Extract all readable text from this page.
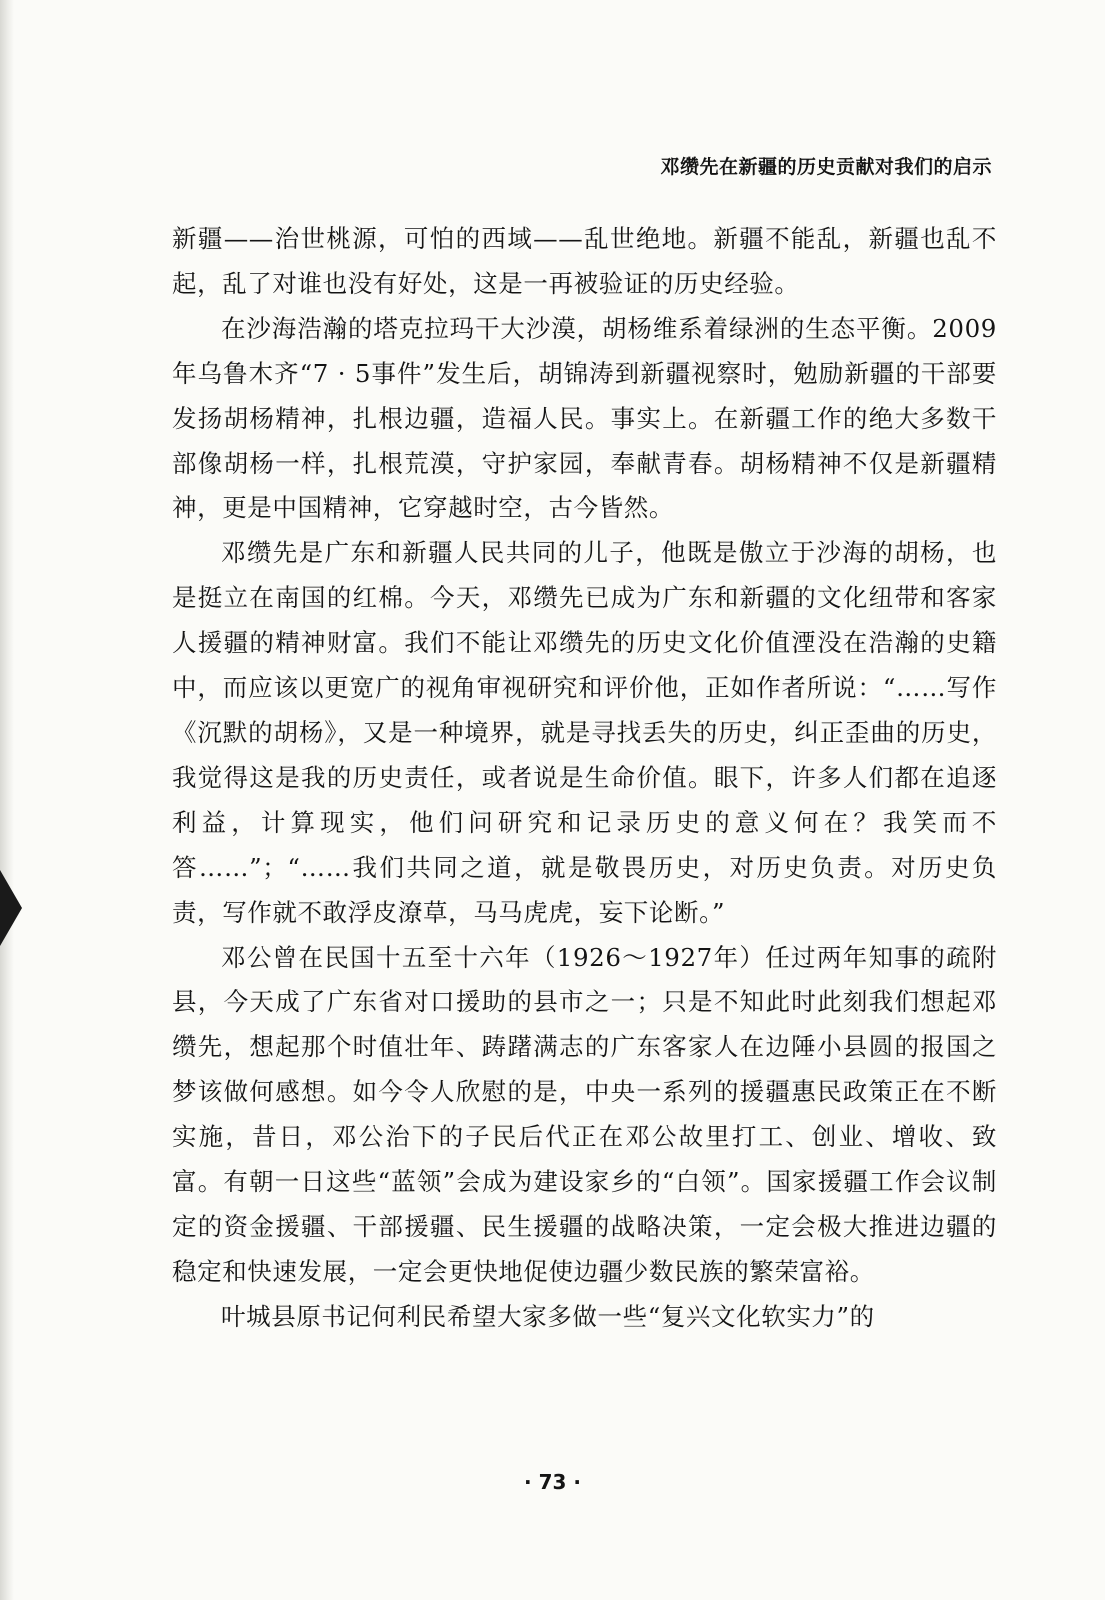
邓缵先在新疆的历史贡献对我们的启示

新疆——治世桃源，可怕的西域——乱世绝地。新疆不能乱，新疆也乱不起，乱了对谁也没有好处，这是一再被验证的历史经验。

在沙海浩瀚的塔克拉玛干大沙漠，胡杨维系着绿洲的生态平衡。2009年乌鲁木齐“7 · 5事件”发生后，胡锦涛到新疆视察时，勉励新疆的干部要发扬胡杨精神，扎根边疆，造福人民。事实上。在新疆工作的绝大多数干部像胡杨一样，扎根荒漠，守护家园，奉献青春。胡杨精神不仅是新疆精神，更是中国精神，它穿越时空，古今皆然。

邓缵先是广东和新疆人民共同的儿子，他既是傲立于沙海的胡杨，也是挺立在南国的红棉。今天，邓缵先已成为广东和新疆的文化纽带和客家人援疆的精神财富。我们不能让邓缵先的历史文化价值湮没在浩瀚的史籍中，而应该以更宽广的视角审视研究和评价他，正如作者所说：“……写作《沉默的胡杨》，又是一种境界，就是寻找丢失的历史，纠正歪曲的历史，我觉得这是我的历史责任，或者说是生命价值。眼下，许多人们都在追逐利益，计算现实，他们问研究和记录历史的意义何在？我笑而不答……”；“……我们共同之道，就是敬畏历史，对历史负责。对历史负责，写作就不敢浮皮潦草，马马虎虎，妄下论断。”

邓公曾在民国十五至十六年（1926～1927年）任过两年知事的疏附县，今天成了广东省对口援助的县市之一；只是不知此时此刻我们想起邓缵先，想起那个时值壮年、踌躇满志的广东客家人在边陲小县圆的报国之梦该做何感想。如今令人欣慰的是，中央一系列的援疆惠民政策正在不断实施，昔日，邓公治下的子民后代正在邓公故里打工、创业、增收、致富。有朝一日这些“蓝领”会成为建设家乡的“白领”。国家援疆工作会议制定的资金援疆、干部援疆、民生援疆的战略决策，一定会极大推进边疆的稳定和快速发展，一定会更快地促使边疆少数民族的繁荣富裕。

叶城县原书记何利民希望大家多做一些“复兴文化软实力”的

· 73 ·
